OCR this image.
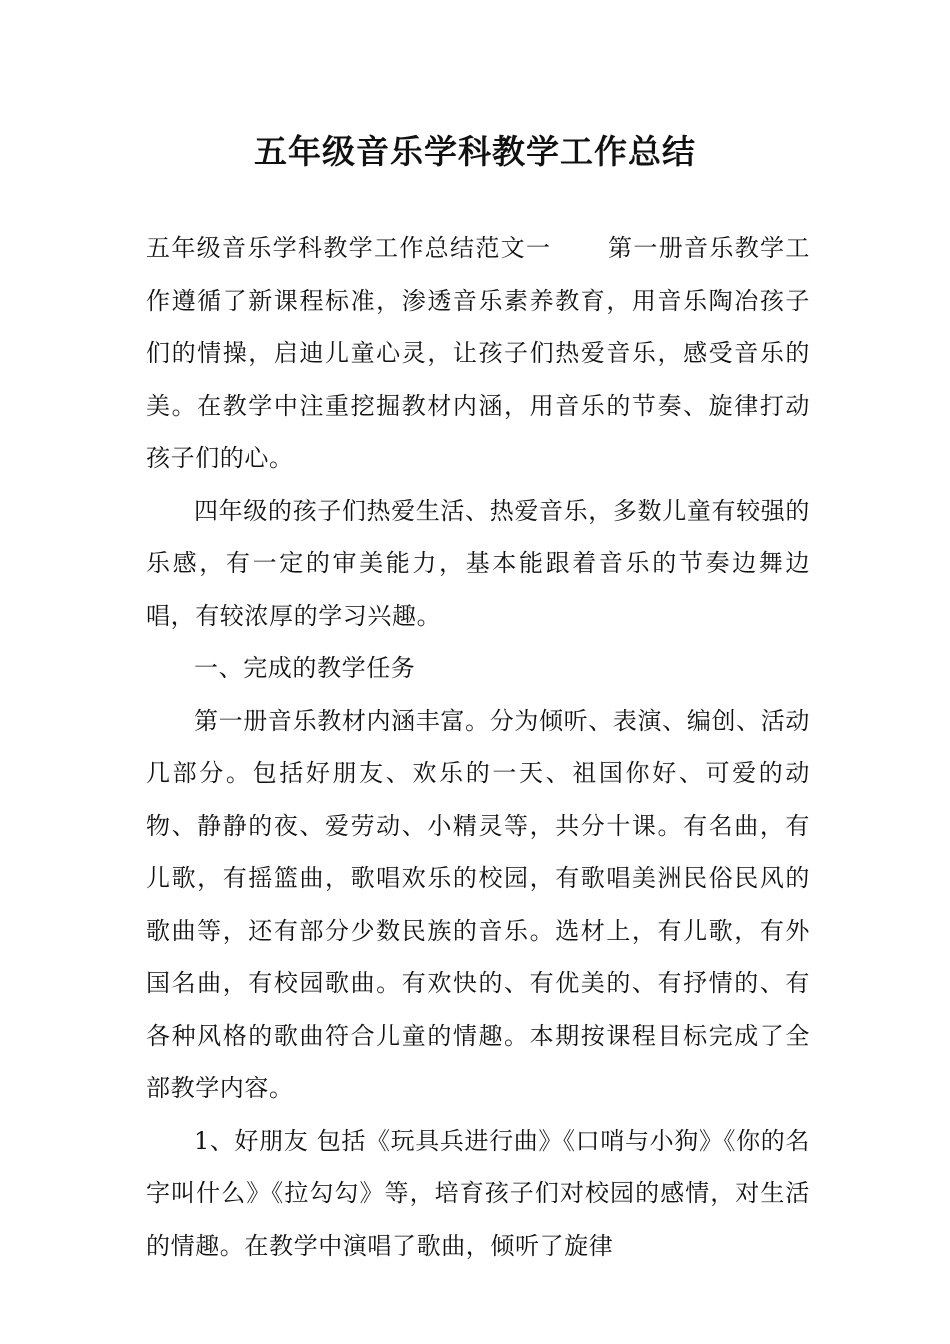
五年级音乐学科教学工作总结

五年级音乐学科教学工作总结范文一 第一册音乐教学工作遵循了新课程标准，渗透音乐素养教育，用音乐陶冶孩子们的情操，启迪儿童心灵，让孩子们热爱音乐，感受音乐的美。在教学中注重挖掘教材内涵，用音乐的节奏、旋律打动孩子们的心。

四年级的孩子们热爱生活、热爱音乐，多数儿童有较强的乐感，有一定的审美能力，基本能跟着音乐的节奏边舞边唱，有较浓厚的学习兴趣。

一、完成的教学任务

第一册音乐教材内涵丰富。分为倾听、表演、编创、活动几部分。包括好朋友、欢乐的一天、祖国你好、可爱的动物、静静的夜、爱劳动、小精灵等，共分十课。有名曲，有儿歌，有摇篮曲，歌唱欢乐的校园，有歌唱美洲民俗民风的歌曲等，还有部分少数民族的音乐。选材上，有儿歌，有外国名曲，有校园歌曲。有欢快的、有优美的、有抒情的、有各种风格的歌曲符合儿童的情趣。本期按课程目标完成了全部教学内容。

1、好朋友 包括《玩具兵进行曲》《口哨与小狗》《你的名字叫什么》《拉勾勾》等，培育孩子们对校园的感情，对生活的情趣。在教学中演唱了歌曲，倾听了旋律
